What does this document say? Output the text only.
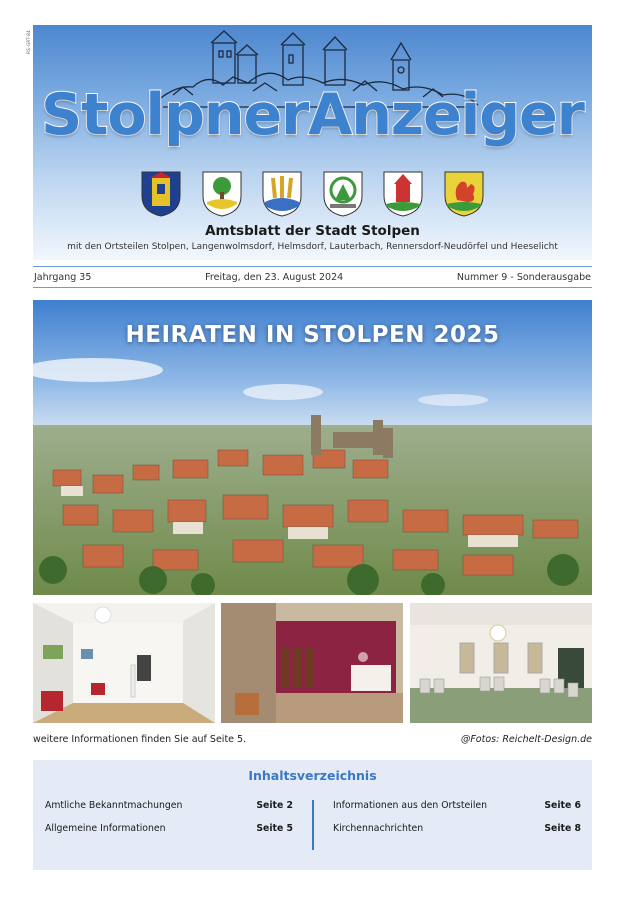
RS-GRT-84
StolpnerAnzeiger
Amtsblatt der Stadt Stolpen
mit den Ortsteilen Stolpen, Langenwolmsdorf, Helmsdorf, Lauterbach, Rennersdorf-Neudörfel und Heeselicht
Jahrgang 35	Freitag, den 23. August 2024	Nummer 9 - Sonderausgabe
HEIRATEN IN STOLPEN 2025
weitere Informationen finden Sie auf Seite 5.	@Fotos: Reichelt-Design.de
Inhaltsverzeichnis
Amtliche Bekanntmachungen	Seite 2
Allgemeine Informationen	Seite 5
Informationen aus den Ortsteilen	Seite 6
Kirchennachrichten	Seite 8
